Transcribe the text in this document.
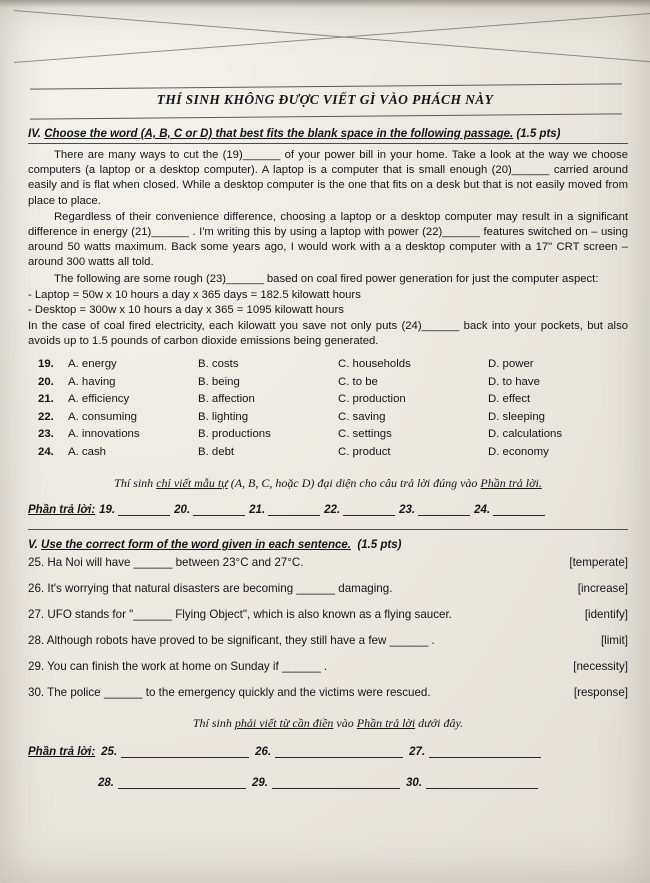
THÍ SINH KHÔNG ĐƯỢC VIẾT GÌ VÀO PHÁCH NÀY
IV. Choose the word (A, B, C or D) that best fits the blank space in the following passage. (1.5 pts)

There are many ways to cut the (19)______ of your power bill in your home. Take a look at the way we choose computers (a laptop or a desktop computer). A laptop is a computer that is small enough (20)______ carried around easily and is flat when closed. While a desktop computer is the one that fits on a desk but that is not easily moved from place to place.

Regardless of their convenience difference, choosing a laptop or a desktop computer may result in a significant difference in energy (21)______ . I'm writing this by using a laptop with power (22)______ features switched on – using around 50 watts maximum. Back some years ago, I would work with a a desktop computer with a 17" CRT screen – around 300 watts all told.

The following are some rough (23)______ based on coal fired power generation for just the computer aspect:

- Laptop = 50w x 10 hours a day x 365 days = 182.5 kilowatt hours

- Desktop = 300w x 10 hours a day x 365 = 1095 kilowatt hours

In the case of coal fired electricity, each kilowatt you save not only puts (24)______ back into your pockets, but also avoids up to 1.5 pounds of carbon dioxide emissions being generated.

19.	A. energy	B. costs	C. households	D. power
20.	A. having	B. being	C. to be	D. to have
21.	A. efficiency	B. affection	C. production	D. effect
22.	A. consuming	B. lighting	C. saving	D. sleeping
23.	A. innovations	B. productions	C. settings	D. calculations
24.	A. cash	B. debt	C. product	D. economy
Thí sinh chỉ viết mẫu tự (A, B, C, hoặc D) đại diện cho câu trả lời đúng vào Phần trả lời.
Phần trả lời: 19.	20.	21.	22.	23.	24.
V. Use the correct form of the word given in each sentence. (1.5 pts)
25. Ha Noi will have ______ between 23°C and 27°C.	[temperate]
26. It's worrying that natural disasters are becoming ______ damaging.	[increase]
27. UFO stands for "______ Flying Object", which is also known as a flying saucer.	[identify]
28. Although robots have proved to be significant, they still have a few ______ .	[limit]
29. You can finish the work at home on Sunday if ______ .	[necessity]
30. The police ______ to the emergency quickly and the victims were rescued.	[response]
Thí sinh phải viết từ cần điền vào Phần trả lời dưới đây.
Phần trả lời: 25.	26.	27.
28.	29.	30.
